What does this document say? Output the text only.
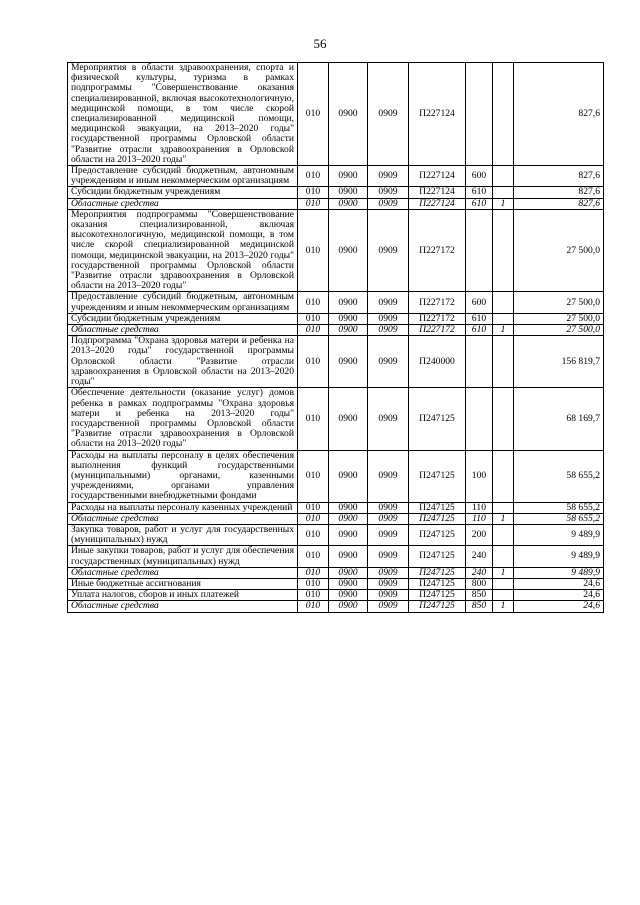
56
Мероприятия в области здравоохранения, спорта и физической культуры, туризма в рамках подпрограммы "Совершенствование оказания специализированной, включая высокотехнологичную, медицинской помощи, в том числе скорой специализированной медицинской помощи, медицинской эвакуации, на 2013–2020 годы" государственной программы Орловской области "Развитие отрасли здравоохранения в Орловской области на 2013–2020 годы"	010	0900	0909	П227124			827,6

Предоставление субсидий бюджетным, автономным учреждениям и иным некоммерческим организациям	010	0900	0909	П227124	600		827,6

Субсидии бюджетным учреждениям	010	0900	0909	П227124	610		827,6

Областные средства	010	0900	0909	П227124	610	1	827,6

Мероприятия подпрограммы "Совершенствование оказания специализированной, включая высокотехнологичную, медицинской помощи, в том числе скорой специализированной медицинской помощи, медицинской эвакуации, на 2013–2020 годы" государственной программы Орловской области "Развитие отрасли здравоохранения в Орловской области на 2013–2020 годы"	010	0900	0909	П227172			27 500,0

Предоставление субсидий бюджетным, автономным учреждениям и иным некоммерческим организациям	010	0900	0909	П227172	600		27 500,0

Субсидии бюджетным учреждениям	010	0900	0909	П227172	610		27 500,0

Областные средства	010	0900	0909	П227172	610	1	27 500,0

Подпрограмма "Охрана здоровья матери и ребенка на 2013–2020 годы" государственной программы Орловской области "Развитие отрасли здравоохранения в Орловской области на 2013–2020 годы"	010	0900	0909	П240000			156 819,7

Обеспечение деятельности (оказание услуг) домов ребенка в рамках подпрограммы "Охрана здоровья матери и ребенка на 2013–2020 годы" государственной программы Орловской области "Развитие отрасли здравоохранения в Орловской области на 2013–2020 годы"	010	0900	0909	П247125			68 169,7

Расходы на выплаты персоналу в целях обеспечения выполнения функций государственными (муниципальными) органами, казенными учреждениями, органами управления государственными внебюджетными фондами	010	0900	0909	П247125	100		58 655,2

Расходы на выплаты персоналу казенных учреждений	010	0900	0909	П247125	110		58 655,2

Областные средства	010	0900	0909	П247125	110	1	58 655,2

Закупка товаров, работ и услуг для государственных (муниципальных) нужд	010	0900	0909	П247125	200		9 489,9

Иные закупки товаров, работ и услуг для обеспечения государственных (муниципальных) нужд	010	0900	0909	П247125	240		9 489,9

Областные средства	010	0900	0909	П247125	240	1	9 489,9

Иные бюджетные ассигнования	010	0900	0909	П247125	800		24,6

Уплата налогов, сборов и иных платежей	010	0900	0909	П247125	850		24,6

Областные средства	010	0900	0909	П247125	850	1	24,6
